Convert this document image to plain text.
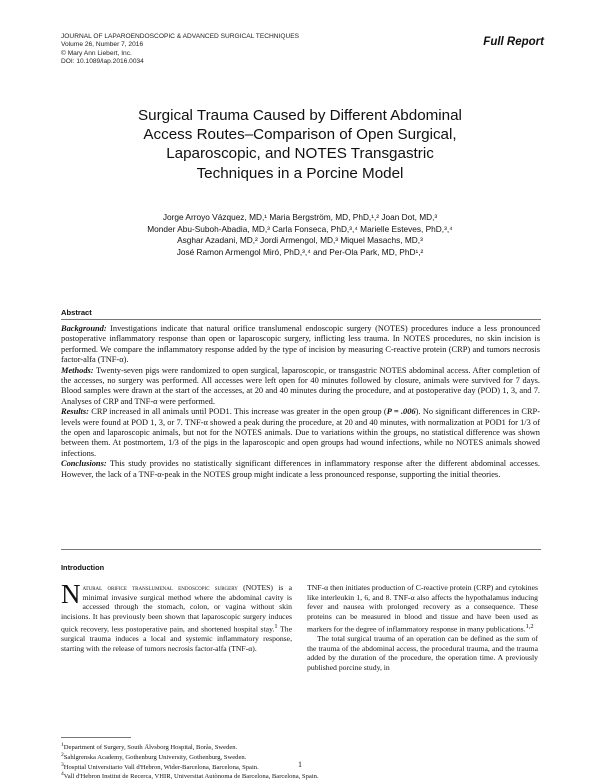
JOURNAL OF LAPAROENDOSCOPIC & ADVANCED SURGICAL TECHNIQUES
Volume 26, Number 7, 2016
© Mary Ann Liebert, Inc.
DOI: 10.1089/lap.2016.0034
Full Report
Surgical Trauma Caused by Different Abdominal
Access Routes–Comparison of Open Surgical,
Laparoscopic, and NOTES Transgastric
Techniques in a Porcine Model
Jorge Arroyo Vázquez, MD,¹ Maria Bergström, MD, PhD,¹,² Joan Dot, MD,³
Monder Abu-Suboh-Abadia, MD,³ Carla Fonseca, PhD,³,⁴ Marielle Esteves, PhD,³,⁴
Asghar Azadani, MD,² Jordi Armengol, MD,³ Miquel Masachs, MD,³
José Ramon Armengol Miró, PhD,³,⁴ and Per-Ola Park, MD, PhD¹,²
Abstract

Background: Investigations indicate that natural orifice translumenal endoscopic surgery (NOTES) procedures induce a less pronounced postoperative inflammatory response than open or laparoscopic surgery, inflicting less trauma. In NOTES procedures, no skin incision is performed. We compare the inflammatory response added by the type of incision by measuring C-reactive protein (CRP) and tumors necrosis factor-alfa (TNF-α).

Methods: Twenty-seven pigs were randomized to open surgical, laparoscopic, or transgastric NOTES abdominal access. After completion of the accesses, no surgery was performed. All accesses were left open for 40 minutes followed by closure, animals were survived for 7 days. Blood samples were drawn at the start of the accesses, at 20 and 40 minutes during the procedure, and at postoperative day (POD) 1, 3, and 7. Analyses of CRP and TNF-α were performed.

Results: CRP increased in all animals until POD1. This increase was greater in the open group (P = .006). No significant differences in CRP-levels were found at POD 1, 3, or 7. TNF-α showed a peak during the procedure, at 20 and 40 minutes, with normalization at POD1 for 1/3 of the open and laparoscopic animals, but not for the NOTES animals. Due to variations within the groups, no statistical difference was shown between them. At postmortem, 1/3 of the pigs in the laparoscopic and open groups had wound infections, while no NOTES animals showed infections.

Conclusions: This study provides no statistically significant differences in inflammatory response after the different abdominal accesses. However, the lack of a TNF-α-peak in the NOTES group might indicate a less pronounced response, supporting the initial theories.

Introduction

Natural orifice translumenal endoscopic surgery (NOTES) is a minimal invasive surgical method where the abdominal cavity is accessed through the stomach, colon, or vagina without skin incisions. It has previously been shown that laparoscopic surgery induces quick recovery, less postoperative pain, and shortened hospital stay.$^1$ The surgical trauma induces a local and systemic inflammatory response, starting with the release of tumors necrosis factor-alfa (TNF-α).

TNF-α then initiates production of C-reactive protein (CRP) and cytokines like interleukin 1, 6, and 8. TNF-α also affects the hypothalamus inducing fever and nausea with prolonged recovery as a consequence. These proteins can be measured in blood and tissue and have been used as markers for the degree of inflammatory response in many publications.$^{1,2}$

The total surgical trauma of an operation can be defined as the sum of the trauma of the abdominal access, the procedural trauma, and the trauma added by the duration of the procedure, the operation time. A previously published porcine study, in

$^1$Department of Surgery, South Älvsborg Hospital, Borås, Sweden.
$^2$Sahlgrenska Academy, Gothenburg University, Gothenburg, Sweden.
$^3$Hospital Universitario Vall d'Hebron, Wider-Barcelona, Barcelona, Spain.
$^4$Vall d'Hebron Institut de Recerca, VHIR, Universitat Autònoma de Barcelona, Barcelona, Spain.
1
